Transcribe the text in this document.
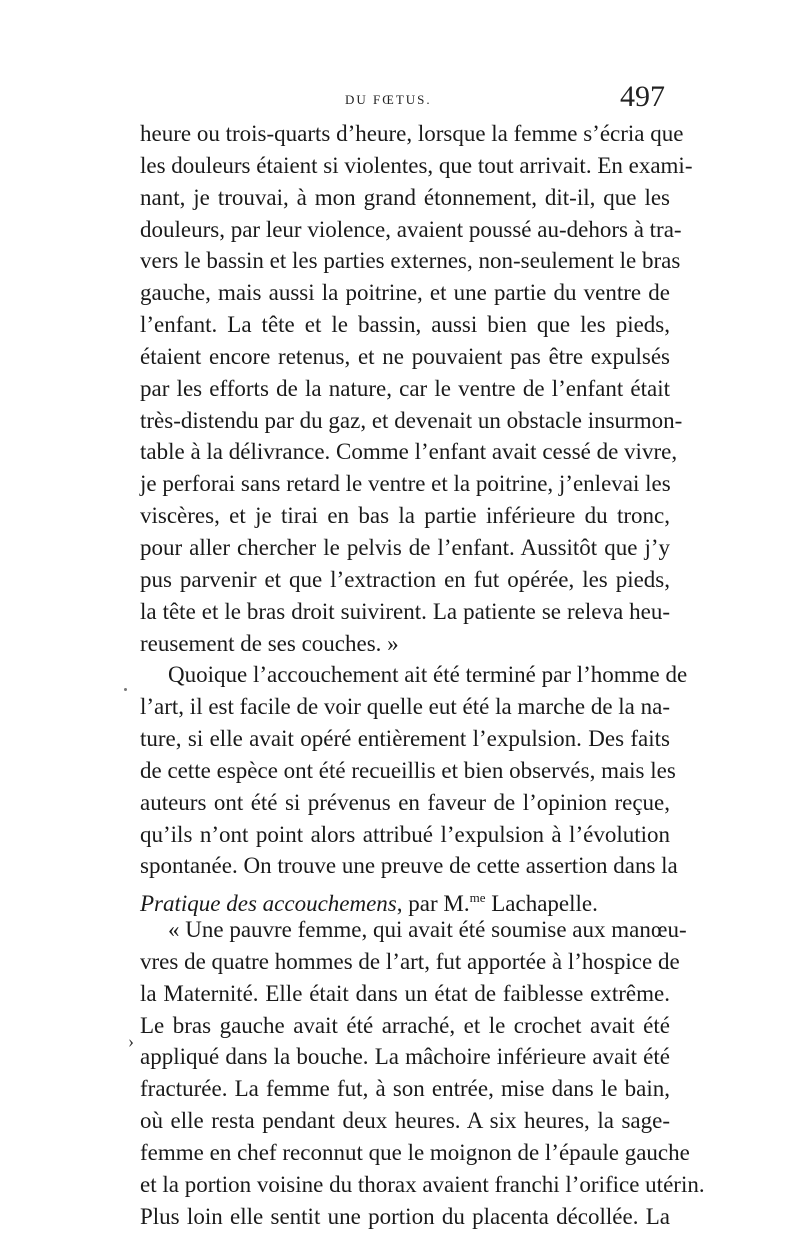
DU FŒTUS.	497
›
heure ou trois-quarts d’heure, lorsque la femme s’écria que
les douleurs étaient si violentes, que tout arrivait. En exami-
nant, je trouvai, à mon grand étonnement, dit-il, que les
douleurs, par leur violence, avaient poussé au-dehors à tra-
vers le bassin et les parties externes, non-seulement le bras
gauche, mais aussi la poitrine, et une partie du ventre de
l’enfant. La tête et le bassin, aussi bien que les pieds,
étaient encore retenus, et ne pouvaient pas être expulsés
par les efforts de la nature, car le ventre de l’enfant était
très-distendu par du gaz, et devenait un obstacle insurmon-
table à la délivrance. Comme l’enfant avait cessé de vivre,
je perforai sans retard le ventre et la poitrine, j’enlevai les
viscères, et je tirai en bas la partie inférieure du tronc,
pour aller chercher le pelvis de l’enfant. Aussitôt que j’y
pus parvenir et que l’extraction en fut opérée, les pieds,
la tête et le bras droit suivirent. La patiente se releva heu-
reusement de ses couches. »
Quoique l’accouchement ait été terminé par l’homme de
l’art, il est facile de voir quelle eut été la marche de la na-
ture, si elle avait opéré entièrement l’expulsion. Des faits
de cette espèce ont été recueillis et bien observés, mais les
auteurs ont été si prévenus en faveur de l’opinion reçue,
qu’ils n’ont point alors attribué l’expulsion à l’évolution
spontanée. On trouve une preuve de cette assertion dans la
Pratique des accouchemens, par M.$^{me}$ Lachapelle.
« Une pauvre femme, qui avait été soumise aux manœu-
vres de quatre hommes de l’art, fut apportée à l’hospice de
la Maternité. Elle était dans un état de faiblesse extrême.
Le bras gauche avait été arraché, et le crochet avait été
appliqué dans la bouche. La mâchoire inférieure avait été
fracturée. La femme fut, à son entrée, mise dans le bain,
où elle resta pendant deux heures. A six heures, la sage-
femme en chef reconnut que le moignon de l’épaule gauche
et la portion voisine du thorax avaient franchi l’orifice utérin.
Plus loin elle sentit une portion du placenta décollée. La
